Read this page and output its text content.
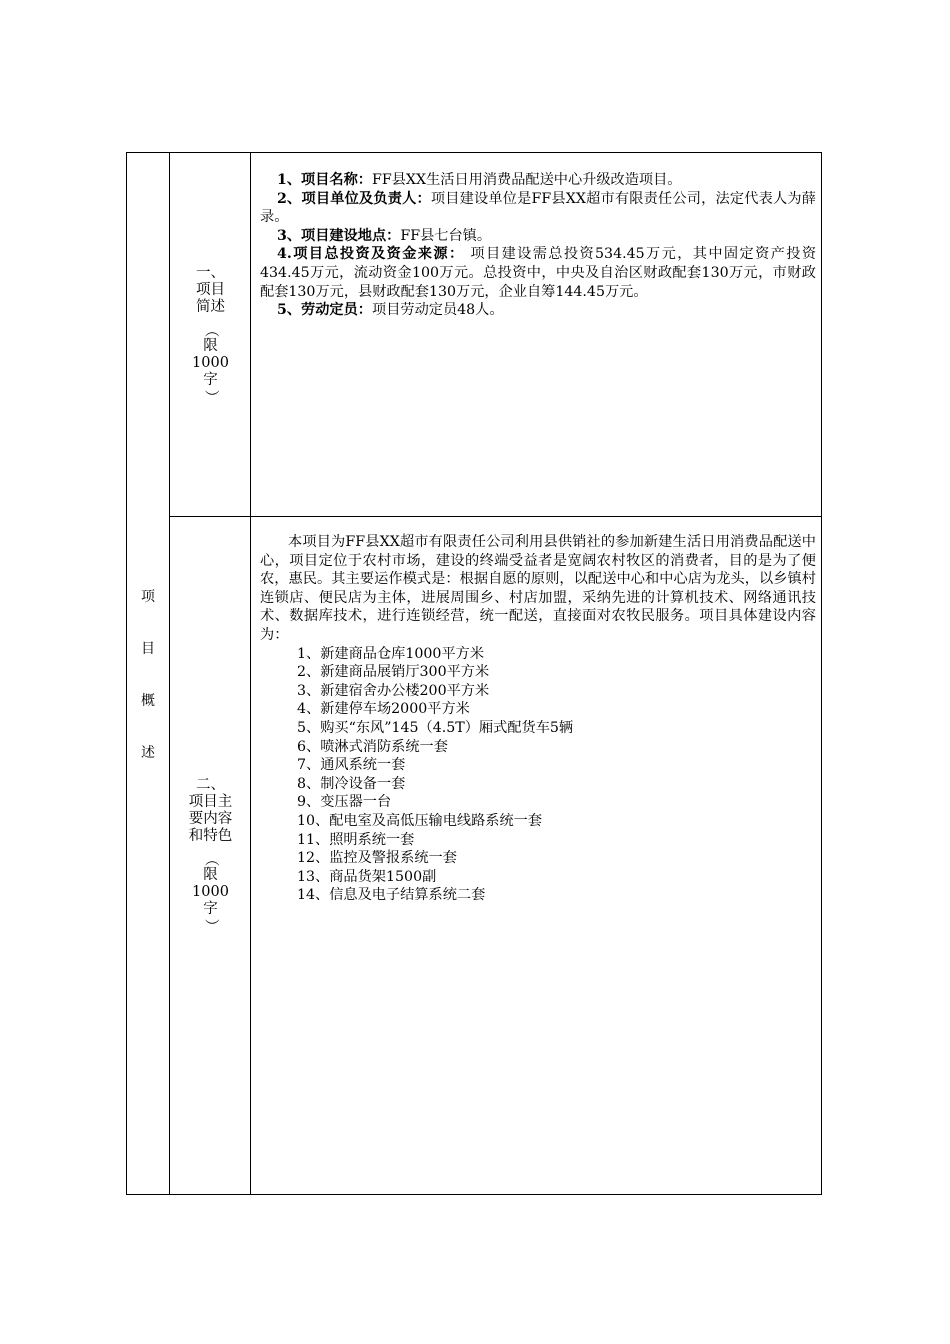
项
目
概
述
一、
项目
简述
（
限
1000
字
）

1、项目名称：FF县XX生活日用消费品配送中心升级改造项目。

2、项目单位及负责人：项目建设单位是FF县XX超市有限责任公司，法定代表人为薛录。

3、项目建设地点：FF县七台镇。

4.项目总投资及资金来源： 项目建设需总投资534.45万元，其中固定资产投资434.45万元，流动资金100万元。总投资中，中央及自治区财政配套130万元，市财政配套130万元，县财政配套130万元，企业自筹144.45万元。

5、劳动定员：项目劳动定员48人。

二、
项目主
要内容
和特色
（
限
1000
字
）

本项目为FF县XX超市有限责任公司利用县供销社的参加新建生活日用消费品配送中心，项目定位于农村市场，建设的终端受益者是宽阔农村牧区的消费者，目的是为了便农，惠民。其主要运作模式是：根据自愿的原则，以配送中心和中心店为龙头，以乡镇村连锁店、便民店为主体，进展周围乡、村店加盟，采纳先进的计算机技术、网络通讯技术、数据库技术，进行连锁经营，统一配送，直接面对农牧民服务。项目具体建设内容为：

1、新建商品仓库1000平方米

2、新建商品展销厅300平方米

3、新建宿舍办公楼200平方米

4、新建停车场2000平方米

5、购买“东风”145（4.5T）厢式配货车5辆

6、喷淋式消防系统一套

7、通风系统一套

8、制冷设备一套

9、变压器一台

10、配电室及高低压输电线路系统一套

11、照明系统一套

12、监控及警报系统一套

13、商品货架1500副

14、信息及电子结算系统二套
